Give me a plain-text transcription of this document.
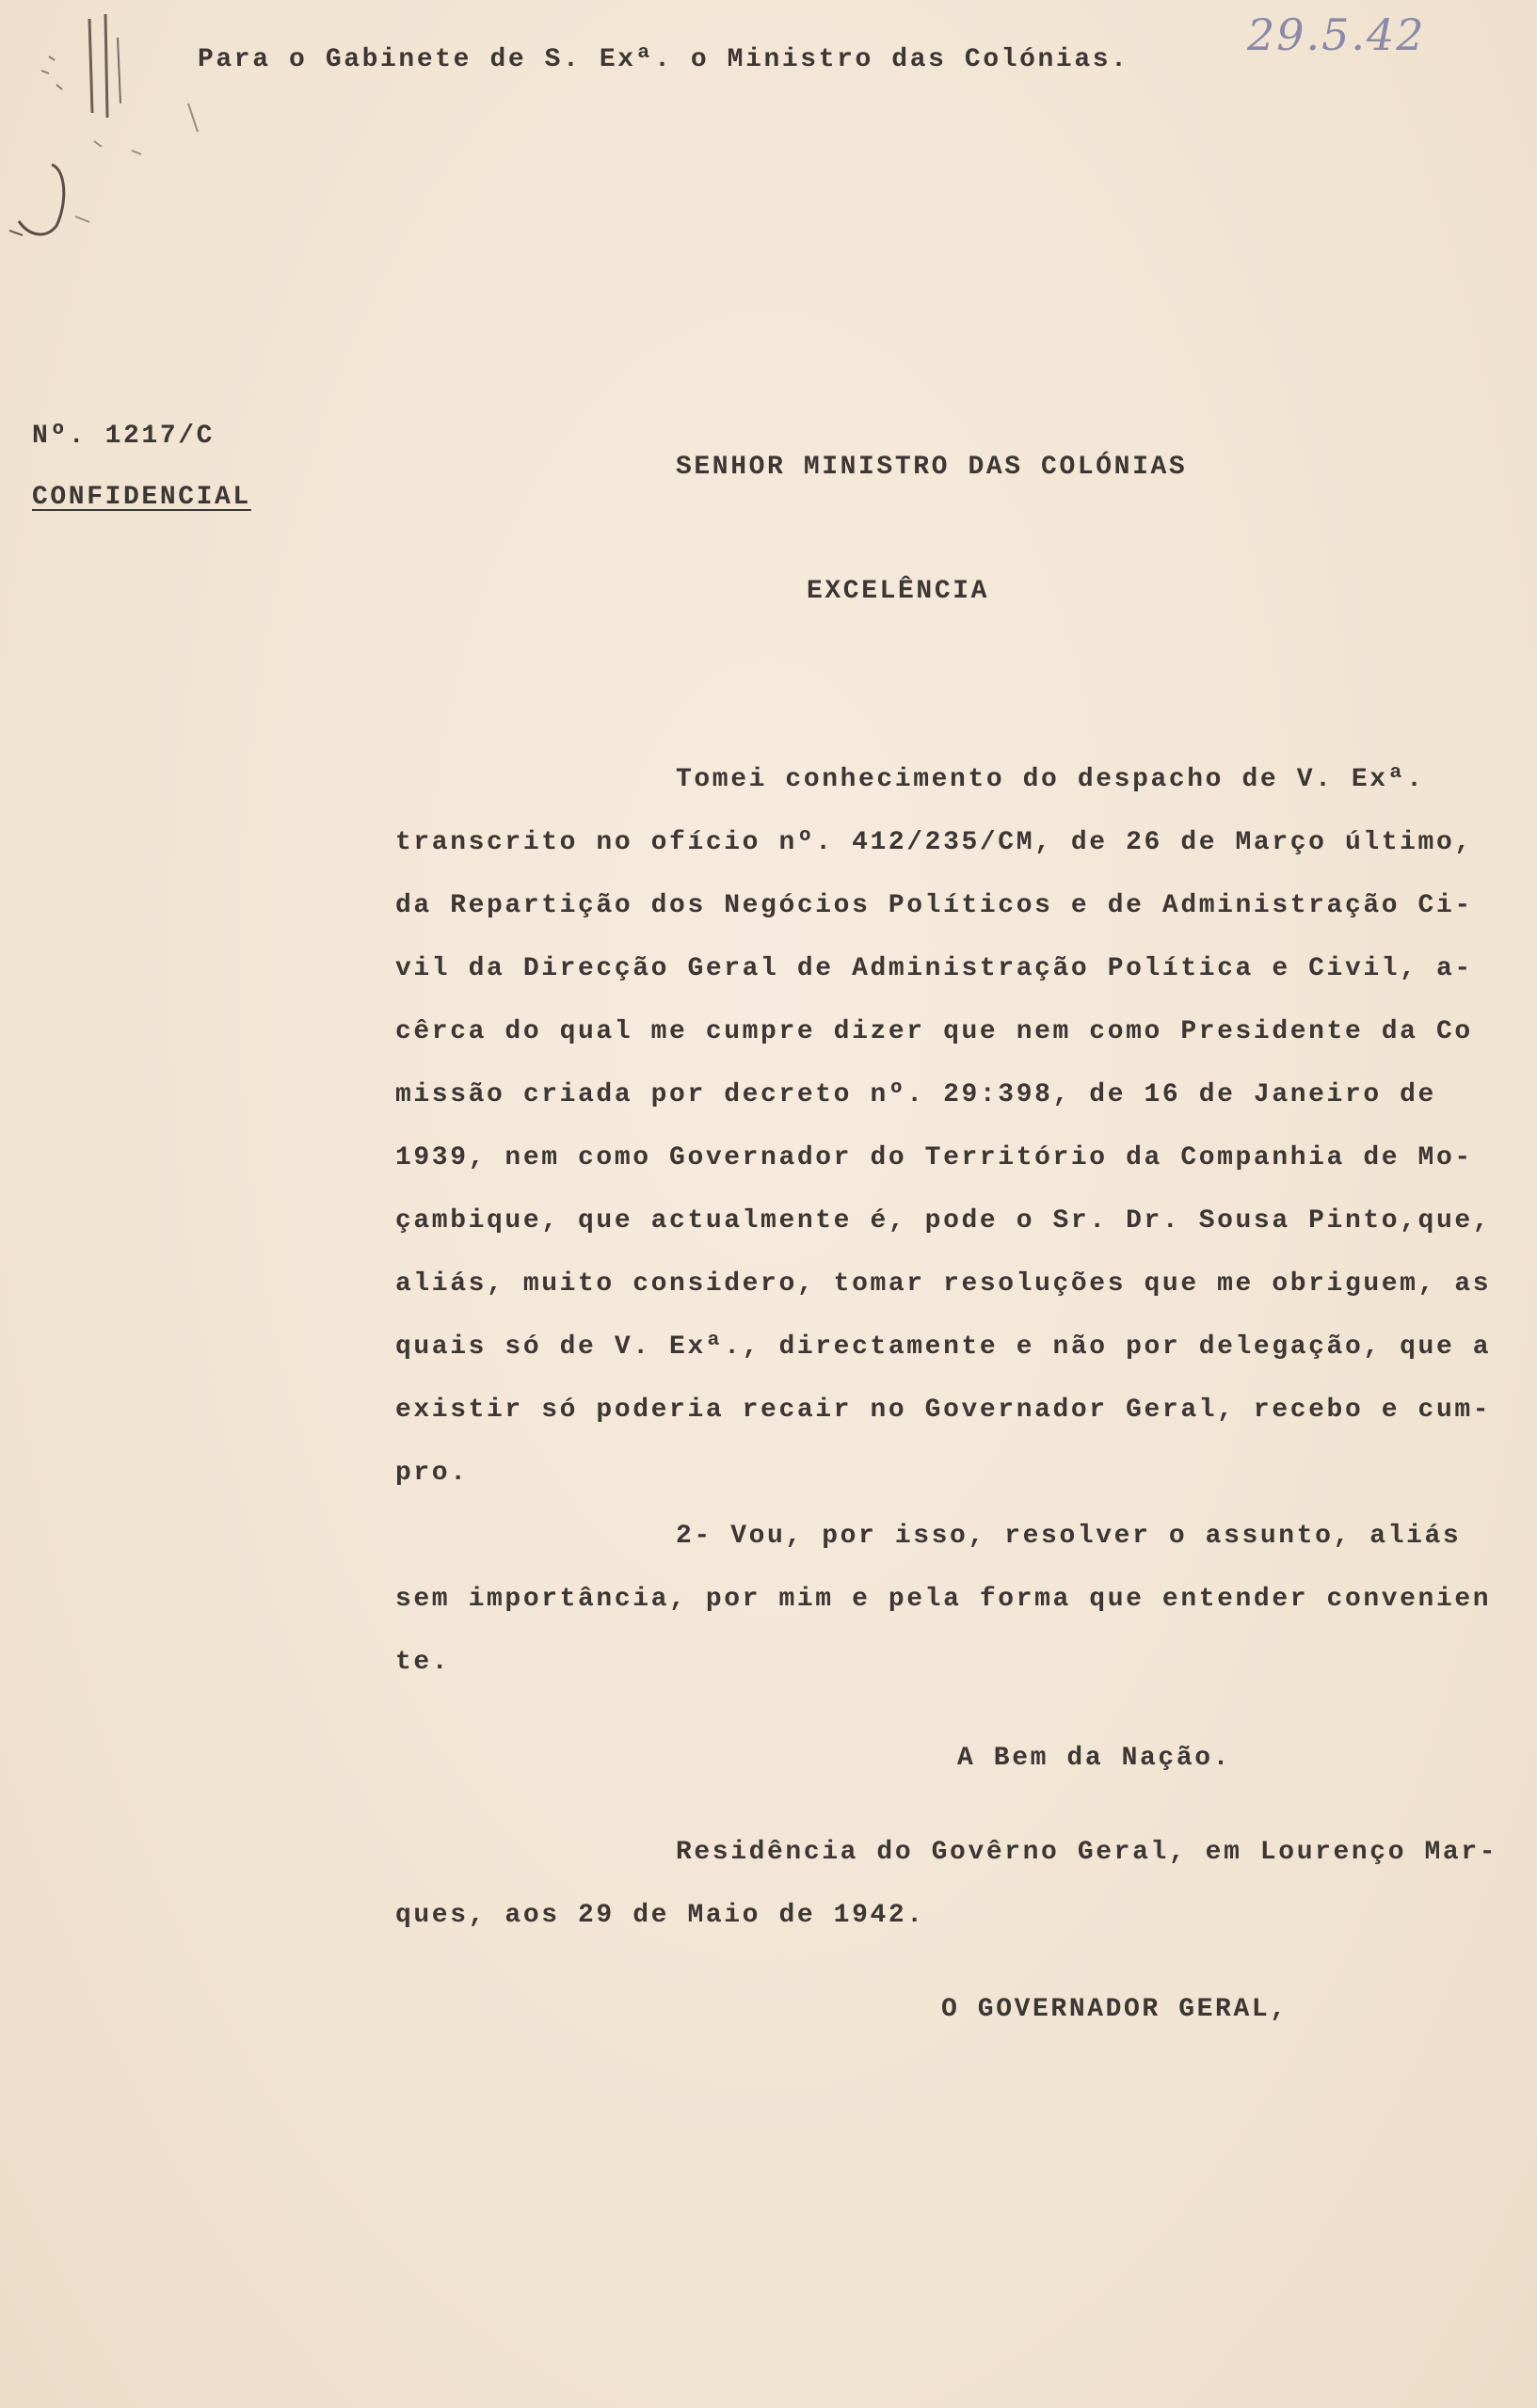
Para o Gabinete de S. Exª. o Ministro das Colónias.	29.5.42
Nº. 1217/C
CONFIDENCIAL
SENHOR MINISTRO DAS COLÓNIAS
EXCELÊNCIA
Tomei conhecimento do despacho de V. Exª.
transcrito no ofício nº. 412/235/CM, de 26 de Março último,
da Repartição dos Negócios Políticos e de Administração Ci-
vil da Direcção Geral de Administração Política e Civil, a-
cêrca do qual me cumpre dizer que nem como Presidente da Co
missão criada por decreto nº. 29:398, de 16 de Janeiro de
1939, nem como Governador do Território da Companhia de Mo-
çambique, que actualmente é, pode o Sr. Dr. Sousa Pinto,que,
aliás, muito considero, tomar resoluções que me obriguem, as
quais só de V. Exª., directamente e não por delegação, que a
existir só poderia recair no Governador Geral, recebo e cum-
pro.
2- Vou, por isso, resolver o assunto, aliás
sem importância, por mim e pela forma que entender convenien
te.
A Bem da Nação.
Residência do Govêrno Geral, em Lourenço Mar-
ques, aos 29 de Maio de 1942.
O GOVERNADOR GERAL,
